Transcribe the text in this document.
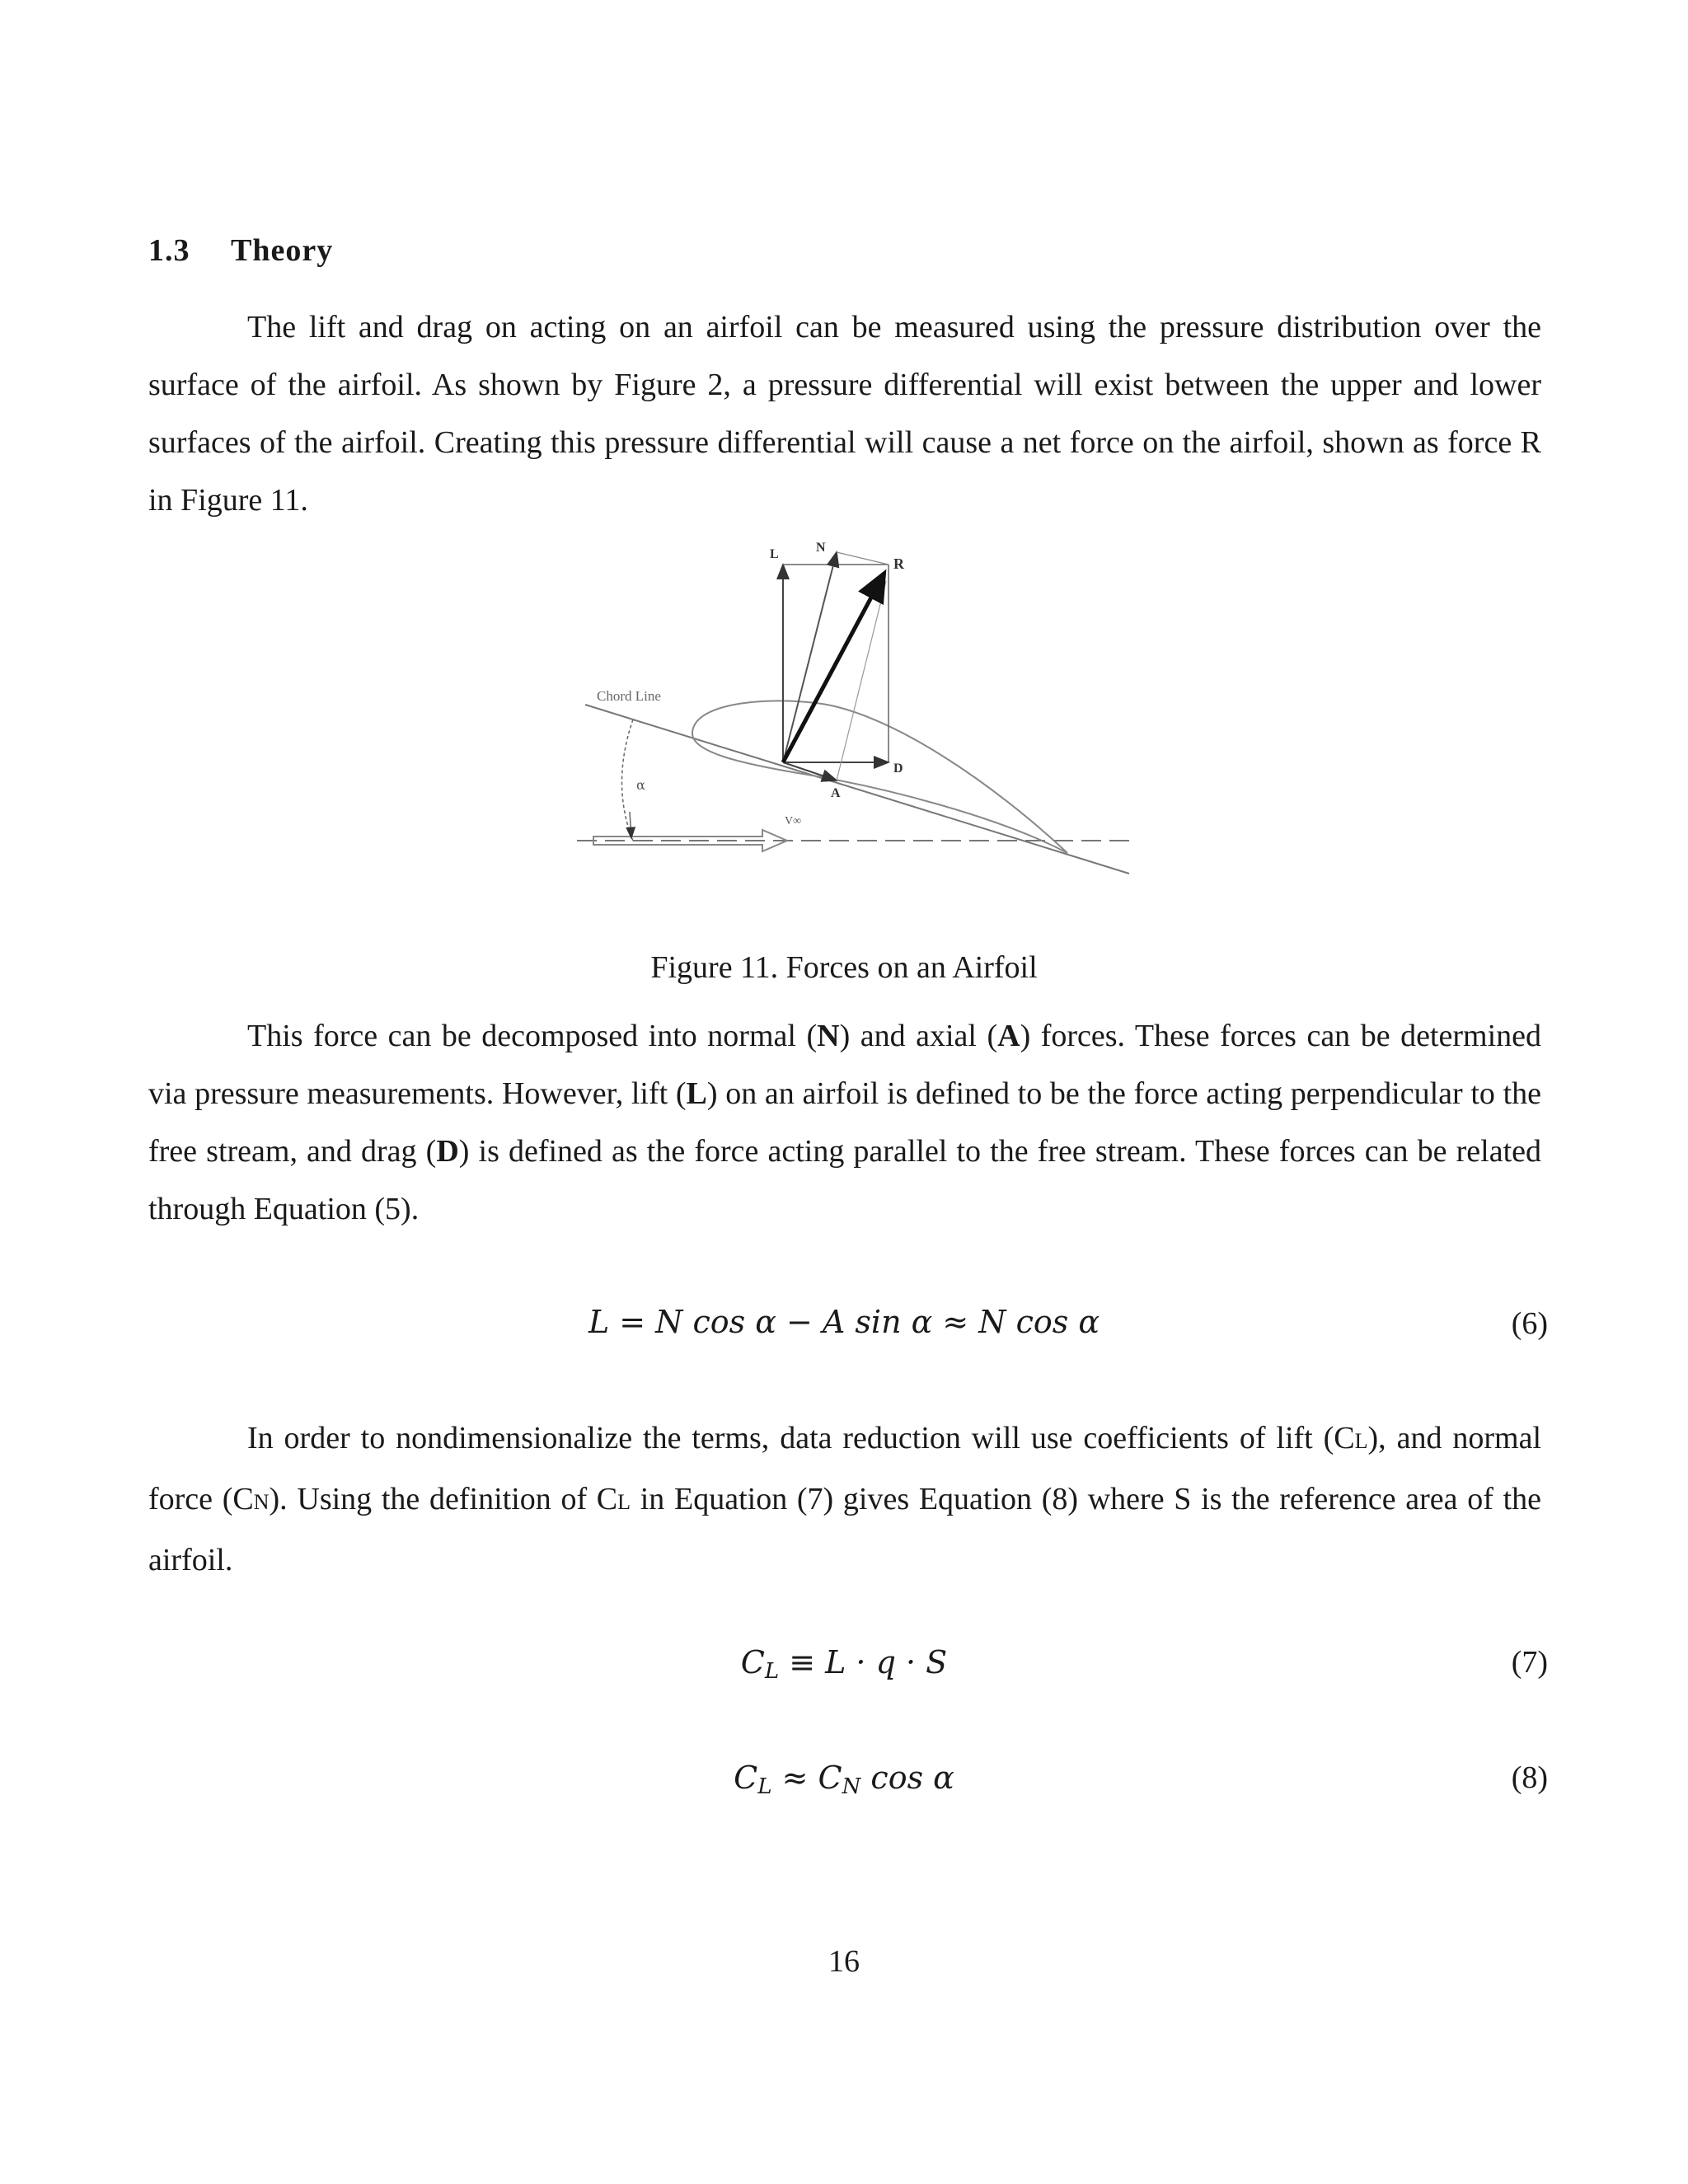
1.3 Theory

The lift and drag on acting on an airfoil can be measured using the pressure distribution over the surface of the airfoil. As shown by Figure 2, a pressure differential will exist between the upper and lower surfaces of the airfoil. Creating this pressure differential will cause a net force on the airfoil, shown as force R in Figure 11.

L	N
R
D
A
Chord Line
α
V∞
Figure 11. Forces on an Airfoil

This force can be decomposed into normal (N) and axial (A) forces. These forces can be determined via pressure measurements. However, lift (L) on an airfoil is defined to be the force acting perpendicular to the free stream, and drag (D) is defined as the force acting parallel to the free stream. These forces can be related through Equation (5).

L = N cos α − A sin α ≈ N cos α	(6)

In order to nondimensionalize the terms, data reduction will use coefficients of lift (CL), and normal force (CN). Using the definition of CL in Equation (7) gives Equation (8) where S is the reference area of the airfoil.

$C_L \equiv L \cdot q \cdot S$	(7)
$C_L \approx C_N$ cos α	(8)
16
